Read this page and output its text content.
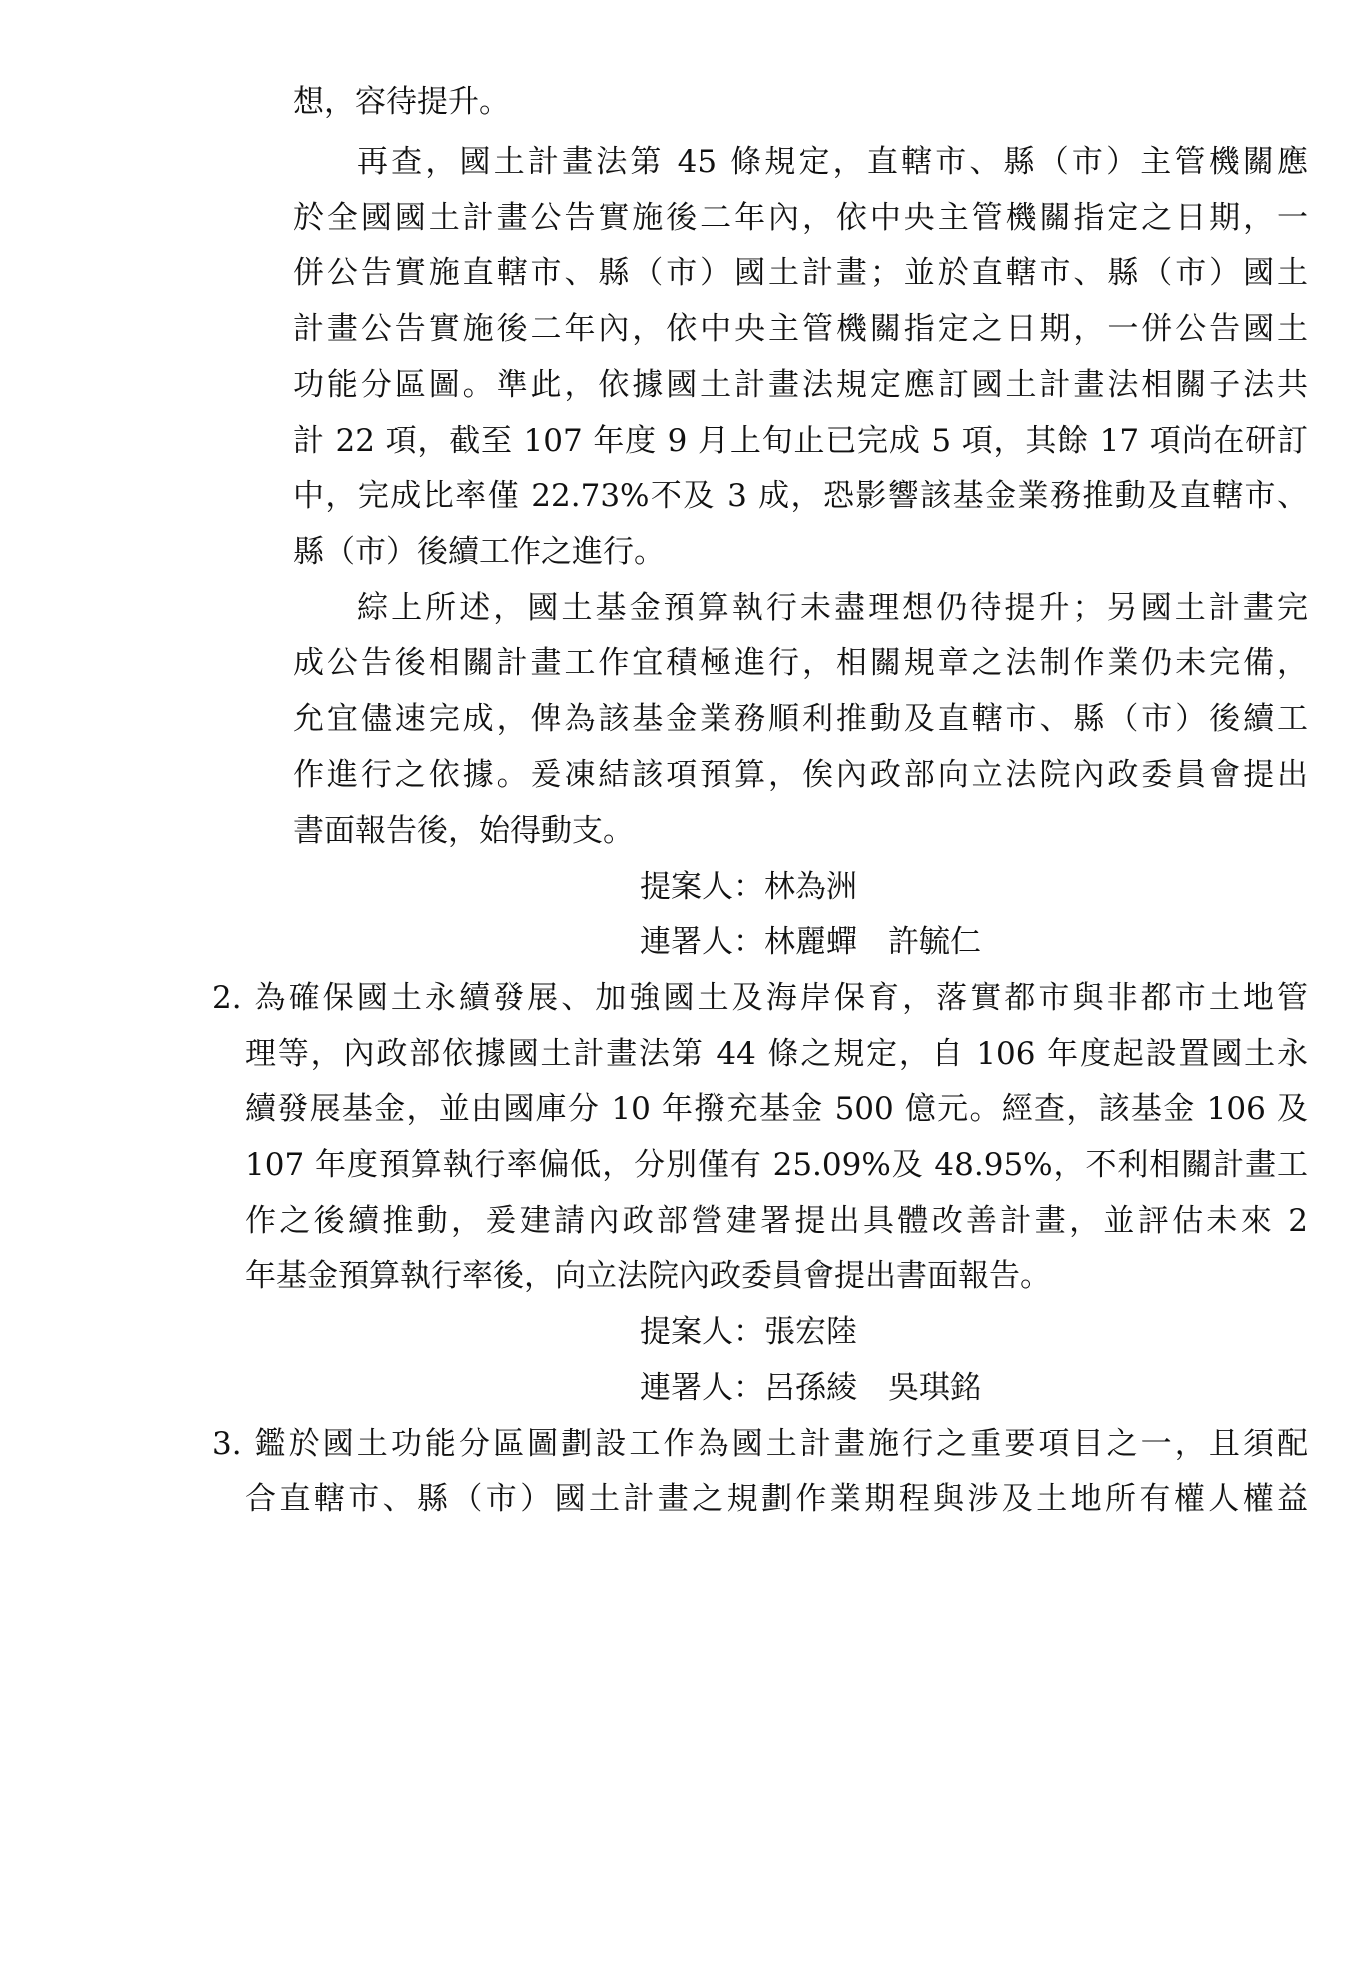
想，容待提升。
再查，國土計畫法第 45 條規定，直轄市、縣（市）主管機關應
於全國國土計畫公告實施後二年內，依中央主管機關指定之日期，一
併公告實施直轄市、縣（市）國土計畫；並於直轄市、縣（市）國土
計畫公告實施後二年內，依中央主管機關指定之日期，一併公告國土
功能分區圖。準此，依據國土計畫法規定應訂國土計畫法相關子法共
計 22 項，截至 107 年度 9 月上旬止已完成 5 項，其餘 17 項尚在研訂
中，完成比率僅 22.73%不及 3 成，恐影響該基金業務推動及直轄市、
縣（市）後續工作之進行。
綜上所述，國土基金預算執行未盡理想仍待提升；另國土計畫完
成公告後相關計畫工作宜積極進行，相關規章之法制作業仍未完備，
允宜儘速完成，俾為該基金業務順利推動及直轄市、縣（市）後續工
作進行之依據。爰凍結該項預算，俟內政部向立法院內政委員會提出
書面報告後，始得動支。
提案人：林為洲
連署人：林麗蟬　許毓仁
2. 為確保國土永續發展、加強國土及海岸保育，落實都市與非都市土地管
理等，內政部依據國土計畫法第 44 條之規定，自 106 年度起設置國土永
續發展基金，並由國庫分 10 年撥充基金 500 億元。經查，該基金 106 及
107 年度預算執行率偏低，分別僅有 25.09%及 48.95%，不利相關計畫工
作之後續推動，爰建請內政部營建署提出具體改善計畫，並評估未來 2
年基金預算執行率後，向立法院內政委員會提出書面報告。
提案人：張宏陸
連署人：呂孫綾　吳琪銘
3. 鑑於國土功能分區圖劃設工作為國土計畫施行之重要項目之一，且須配
合直轄市、縣（市）國土計畫之規劃作業期程與涉及土地所有權人權益
